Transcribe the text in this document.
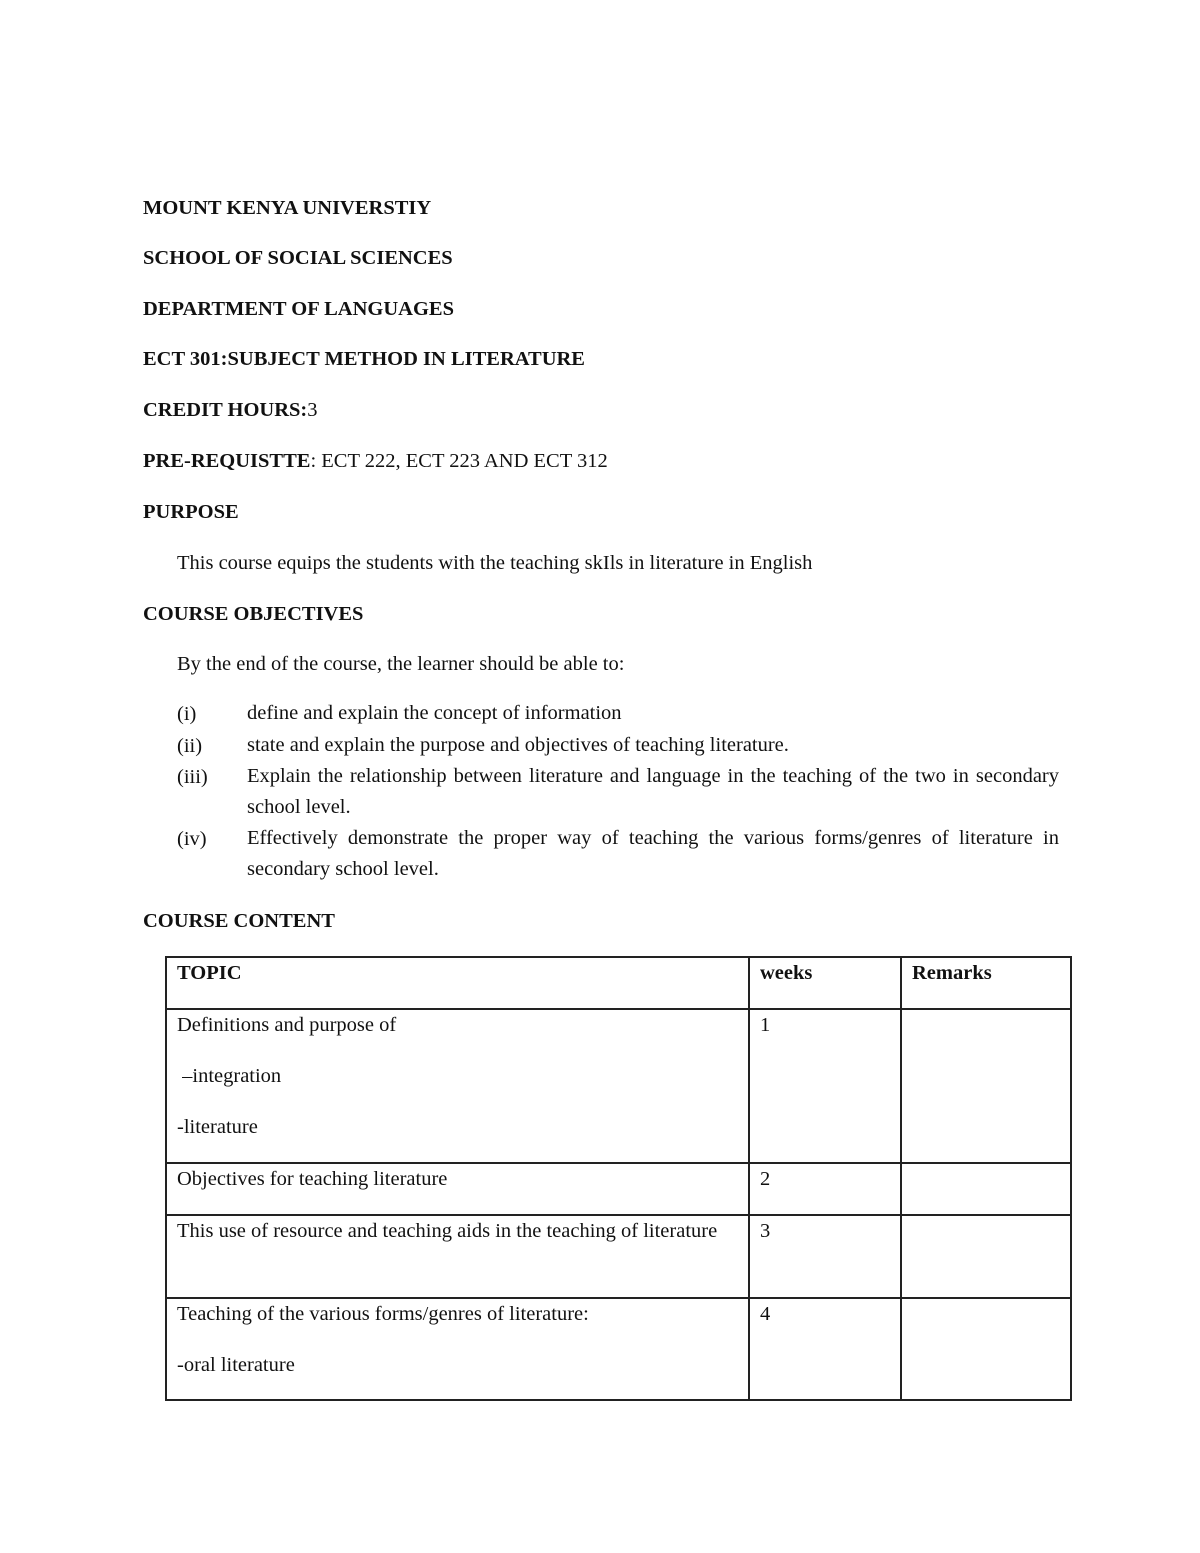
MOUNT KENYA UNIVERSTIY
SCHOOL OF SOCIAL SCIENCES
DEPARTMENT OF LANGUAGES
ECT 301:SUBJECT METHOD IN LITERATURE
CREDIT HOURS:3
PRE-REQUISTTE: ECT 222, ECT 223 AND ECT 312
PURPOSE
This course equips the students with the teaching skIls in literature in English
COURSE OBJECTIVES
By the end of the course, the learner should be able to:
(i) define and explain the concept of information
(ii) state and explain the purpose and objectives of teaching literature.
(iii) Explain the relationship between literature and language in the teaching of the two in secondary school level.
(iv) Effectively demonstrate the proper way of teaching the various forms/genres of literature in secondary school level.
COURSE CONTENT
TOPIC	weeks	Remarks

Definitions and purpose of
–integration
-literature	1	
Objectives for teaching literature	2	
This use of resource and teaching aids in the teaching of literature	3	

Teaching of the various forms/genres of literature:
-oral literature	4	
